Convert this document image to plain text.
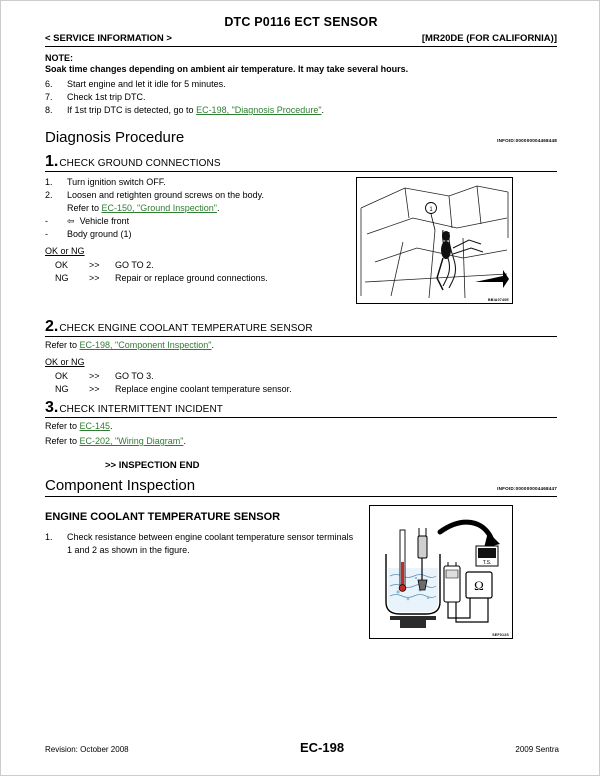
DTC P0116 ECT SENSOR
< SERVICE INFORMATION >	[MR20DE (FOR CALIFORNIA)]
NOTE:
Soak time changes depending on ambient air temperature. It may take several hours.
6.	Start engine and let it idle for 5 minutes.
7.	Check 1st trip DTC.
8.	If 1st trip DTC is detected, go to EC-198, "Diagnosis Procedure".
Diagnosis Procedure	INFOID:000000004468448
1. CHECK GROUND CONNECTIONS
1.	Turn ignition switch OFF.
2.	Loosen and retighten ground screws on the body.
Refer to EC-150, "Ground Inspection".
-	⇦ Vehicle front
-	Body ground (1)
OK or NG
OK	>>	GO TO 2.
NG	>>	Repair or replace ground connections.
2. CHECK ENGINE COOLANT TEMPERATURE SENSOR
Refer to EC-198, "Component Inspection".
OK or NG
OK	>>	GO TO 3.
NG	>>	Replace engine coolant temperature sensor.
3. CHECK INTERMITTENT INCIDENT
Refer to EC-145.
Refer to EC-202, "Wiring Diagram".
>> INSPECTION END
Component Inspection	INFOID:000000004468447
ENGINE COOLANT TEMPERATURE SENSOR
1.	Check resistance between engine coolant temperature sensor terminals 1 and 2 as shown in the figure.
1
BBIA0740E
T.S.
Ω
SEF012S
Revision: October 2008	EC-198	2009 Sentra
